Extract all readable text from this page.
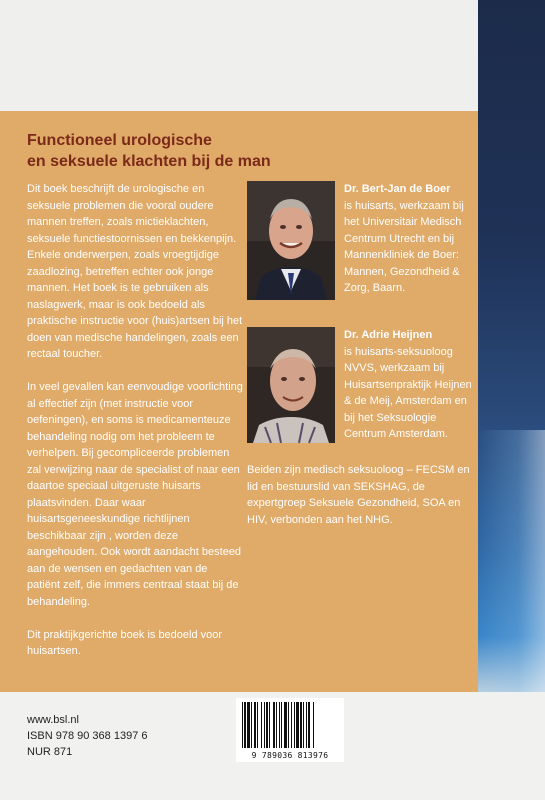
Functioneel urologische
en seksuele klachten bij de man

Dit boek beschrijft de urologische en seksuele problemen die vooral oudere mannen treffen, zoals mictieklachten, seksuele functiestoornissen en bekkenpijn. Enkele onderwerpen, zoals vroegtijdige zaadlozing, betreffen echter ook jonge mannen. Het boek is te gebruiken als naslagwerk, maar is ook bedoeld als praktische instructie voor (huis)artsen bij het doen van medische handelingen, zoals een rectaal toucher.

In veel gevallen kan eenvoudige voorlichting al effectief zijn (met instructie voor oefeningen), en soms is medicamenteuze behandeling nodig om het probleem te verhelpen. Bij gecompliceerde problemen zal verwijzing naar de specialist of naar een daartoe speciaal uitgeruste huisarts plaatsvinden. Daar waar huisartsgeneeskundige richtlijnen beschikbaar zijn , worden deze aangehouden. Ook wordt aandacht besteed aan de wensen en gedachten van de patiënt zelf, die immers centraal staat bij de behandeling.

Dit praktijkgerichte boek is bedoeld voor huisartsen.

Dr. Bert-Jan de Boer
is huisarts, werkzaam bij het Universitair Medisch Centrum Utrecht en bij Mannenkliniek de Boer: Mannen, Gezondheid & Zorg, Baarn.
Dr. Adrie Heijnen
is huisarts-seksuoloog NVVS, werkzaam bij Huisartsenpraktijk Heijnen & de Meij, Amsterdam en bij het Seksuologie Centrum Amsterdam.

Beiden zijn medisch seksuoloog – FECSM en lid en bestuurslid van SEKSHAG, de expertgroep Seksuele Gezondheid, SOA en HIV, verbonden aan het NHG.

www.bsl.nl
ISBN 978 90 368 1397 6
NUR 871	9 789036 813976
